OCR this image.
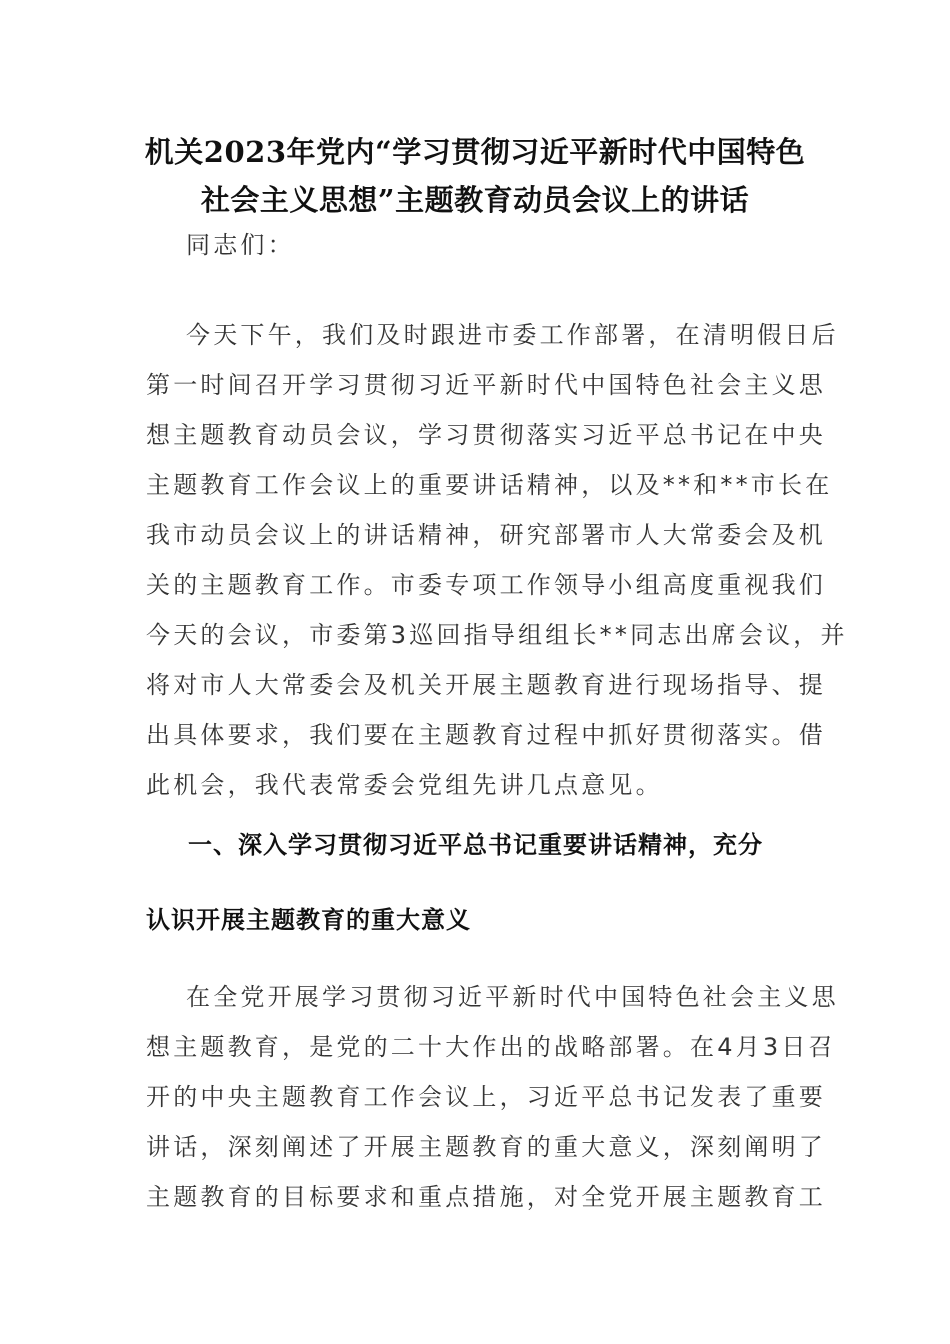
机关2023年党内“学习贯彻习近平新时代中国特色
社会主义思想”主题教育动员会议上的讲话
同志们：
今天下午，我们及时跟进市委工作部署，在清明假日后
第一时间召开学习贯彻习近平新时代中国特色社会主义思
想主题教育动员会议，学习贯彻落实习近平总书记在中央
主题教育工作会议上的重要讲话精神，以及**和**市长在
我市动员会议上的讲话精神，研究部署市人大常委会及机
关的主题教育工作。市委专项工作领导小组高度重视我们
今天的会议，市委第3巡回指导组组长**同志出席会议，并
将对市人大常委会及机关开展主题教育进行现场指导、提
出具体要求，我们要在主题教育过程中抓好贯彻落实。借
此机会，我代表常委会党组先讲几点意见。
一、深入学习贯彻习近平总书记重要讲话精神，充分
认识开展主题教育的重大意义
在全党开展学习贯彻习近平新时代中国特色社会主义思
想主题教育，是党的二十大作出的战略部署。在4月3日召
开的中央主题教育工作会议上，习近平总书记发表了重要
讲话，深刻阐述了开展主题教育的重大意义，深刻阐明了
主题教育的目标要求和重点措施，对全党开展主题教育工
